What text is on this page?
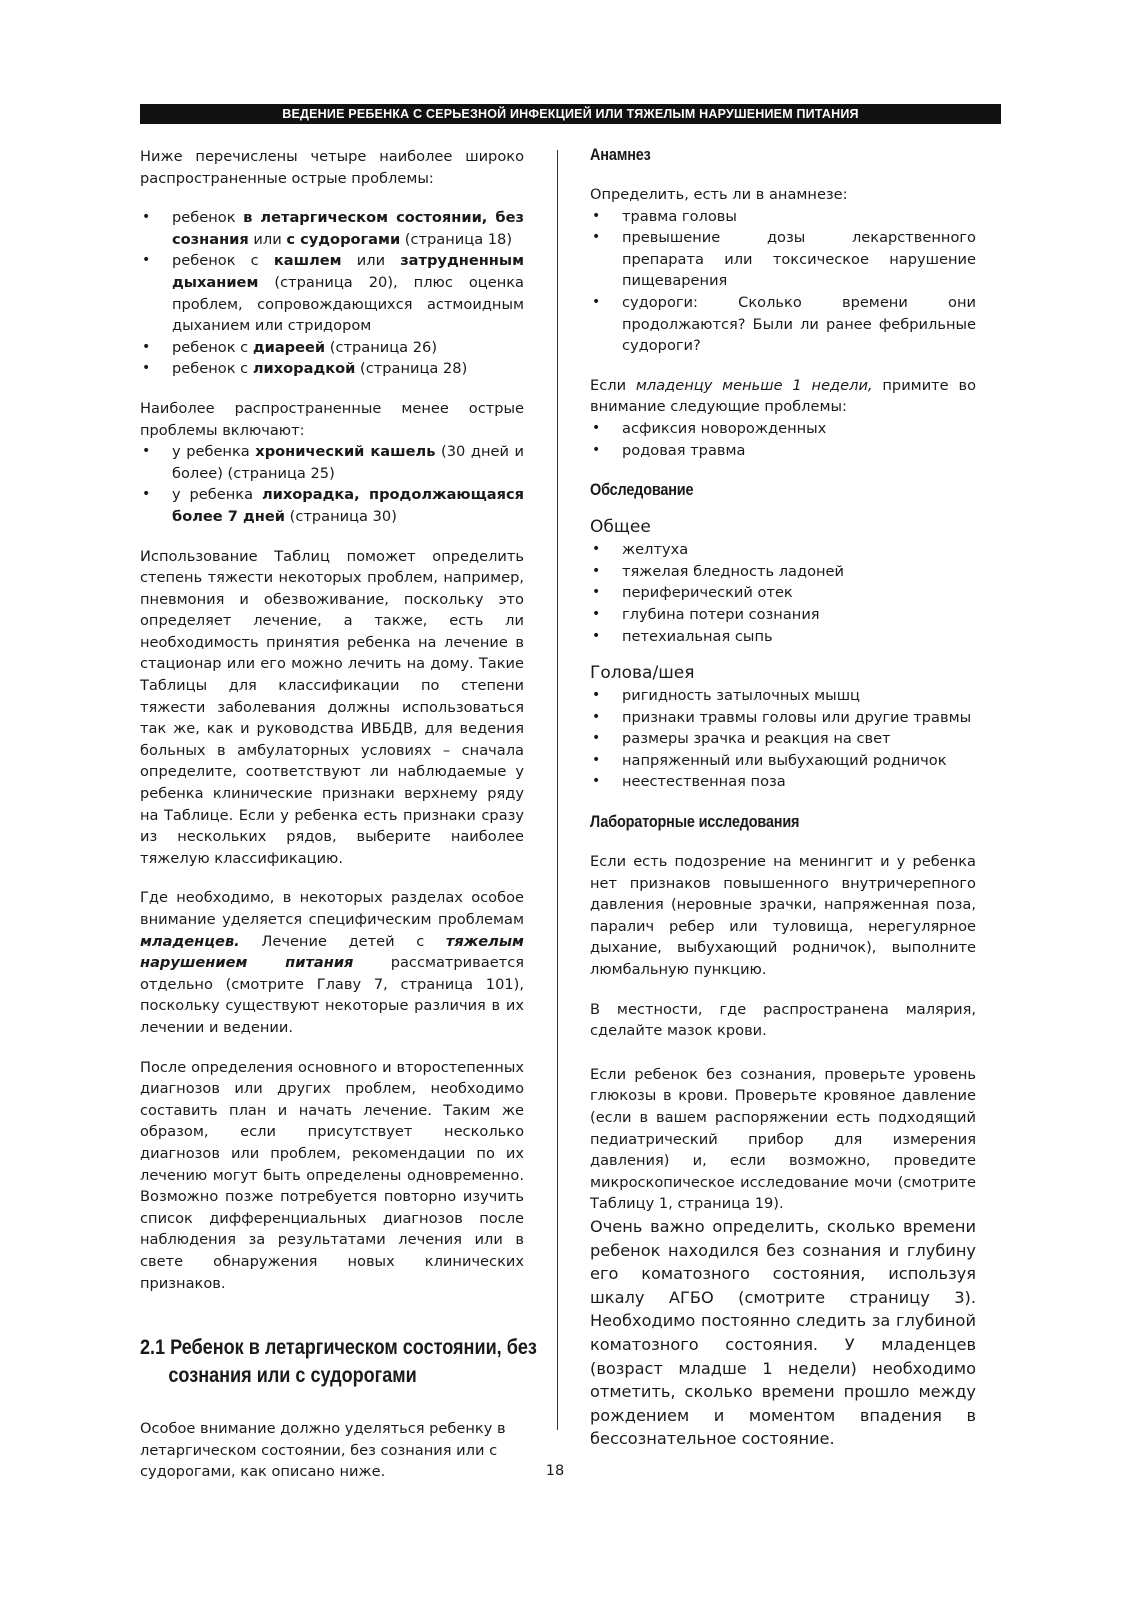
ВЕДЕНИЕ РЕБЕНКА С СЕРЬЕЗНОЙ ИНФЕКЦИЕЙ ИЛИ ТЯЖЕЛЫМ НАРУШЕНИЕМ ПИТАНИЯ

Ниже перечислены четыре наиболее широко распространенные острые проблемы:

• ребенок в летаргическом состоянии, без сознания или с судорогами (страница 18)
• ребенок с кашлем или затрудненным дыханием (страница 20), плюс оценка проблем, сопровождающихся астмоидным дыханием или стридором
• ребенок с диареей (страница 26)
• ребенок с лихорадкой (страница 28)

Наиболее распространенные менее острые проблемы включают:

• у ребенка хронический кашель (30 дней и более) (страница 25)
• у ребенка лихорадка, продолжающаяся более 7 дней (страница 30)

Использование Таблиц поможет определить степень тяжести некоторых проблем, например, пневмония и обезвоживание, поскольку это определяет лечение, а также, есть ли необходимость принятия ребенка на лечение в стационар или его можно лечить на дому. Такие Таблицы для классификации по степени тяжести заболевания должны использоваться так же, как и руководства ИВБДВ, для ведения больных в амбулаторных условиях – сначала определите, соответствуют ли наблюдаемые у ребенка клинические признаки верхнему ряду на Таблице. Если у ребенка есть признаки сразу из нескольких рядов, выберите наиболее тяжелую классификацию.

Где необходимо, в некоторых разделах особое внимание уделяется специфическим проблемам младенцев. Лечение детей с тяжелым нарушением питания рассматривается отдельно (смотрите Главу 7, страница 101), поскольку существуют некоторые различия в их лечении и ведении.

После определения основного и второстепенных диагнозов или других проблем, необходимо составить план и начать лечение. Таким же образом, если присутствует несколько диагнозов или проблем, рекомендации по их лечению могут быть определены одновременно. Возможно позже потребуется повторно изучить список дифференциальных диагнозов после наблюдения за результатами лечения или в свете обнаружения новых клинических признаков.

2.1 Ребенок в летаргическом состоянии, без
сознания или с судорогами

Особое внимание должно уделяться ребенку в летаргическом состоянии, без сознания или с судорогами, как описано ниже.

Анамнез

Определить, есть ли в анамнезе:

• травма головы
• превышение дозы лекарственного препарата или токсическое нарушение пищеварения
• судороги: Сколько времени они продолжаются? Были ли ранее фебрильные судороги?

Если младенцу меньше 1 недели, примите во внимание следующие проблемы:

• асфиксия новорожденных
• родовая травма
Обследование
Общее
• желтуха
• тяжелая бледность ладоней
• периферический отек
• глубина потери сознания
• петехиальная сыпь
Голова/шея
• ригидность затылочных мышц
• признаки травмы головы или другие травмы
• размеры зрачка и реакция на свет
• напряженный или выбухающий родничок
• неестественная поза
Лабораторные исследования

Если есть подозрение на менингит и у ребенка нет признаков повышенного внутричерепного давления (неровные зрачки, напряженная поза, паралич ребер или туловища, нерегулярное дыхание, выбухающий родничок), выполните люмбальную пункцию.

В местности, где распространена малярия, сделайте мазок крови.

Если ребенок без сознания, проверьте уровень глюкозы в крови. Проверьте кровяное давление (если в вашем распоряжении есть подходящий педиатрический прибор для измерения давления) и, если возможно, проведите микроскопическое исследование мочи (смотрите Таблицу 1, страница 19).

Очень важно определить, сколько времени ребенок находился без сознания и глубину его коматозного состояния, используя шкалу АГБО (смотрите страницу 3). Необходимо постоянно следить за глубиной коматозного состояния. У младенцев (возраст младше 1 недели) необходимо отметить, сколько времени прошло между рождением и моментом впадения в бессознательное состояние.

18
